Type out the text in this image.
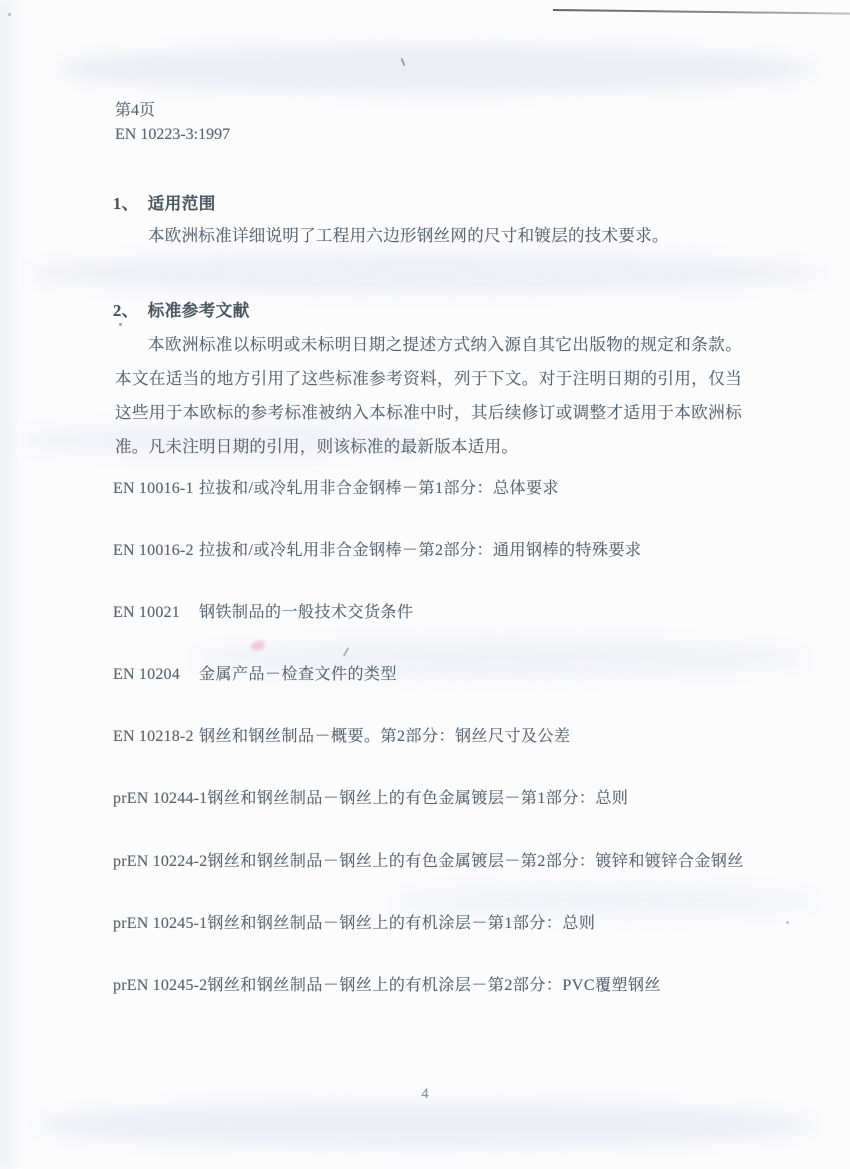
第4页
EN 10223-3:1997
1、 适用范围
本欧洲标准详细说明了工程用六边形钢丝网的尺寸和镀层的技术要求。
2、 标准参考文献
本欧洲标准以标明或未标明日期之提述方式纳入源自其它出版物的规定和条款。本文在适当的地方引用了这些标准参考资料，列于下文。对于注明日期的引用，仅当这些用于本欧标的参考标准被纳入本标准中时，其后续修订或调整才适用于本欧洲标准。凡未注明日期的引用，则该标准的最新版本适用。
EN 10016-1 拉拔和/或冷轧用非合金钢棒－第1部分：总体要求
EN 10016-2 拉拔和/或冷轧用非合金钢棒－第2部分：通用钢棒的特殊要求
EN 10021	钢铁制品的一般技术交货条件
EN 10204	金属产品－检查文件的类型
EN 10218-2 钢丝和钢丝制品－概要。第2部分：钢丝尺寸及公差
prEN 10244-1 钢丝和钢丝制品－钢丝上的有色金属镀层－第1部分：总则
prEN 10224-2 钢丝和钢丝制品－钢丝上的有色金属镀层－第2部分：镀锌和镀锌合金钢丝
prEN 10245-1 钢丝和钢丝制品－钢丝上的有机涂层－第1部分：总则
prEN 10245-2 钢丝和钢丝制品－钢丝上的有机涂层－第2部分：PVC覆塑钢丝
4
